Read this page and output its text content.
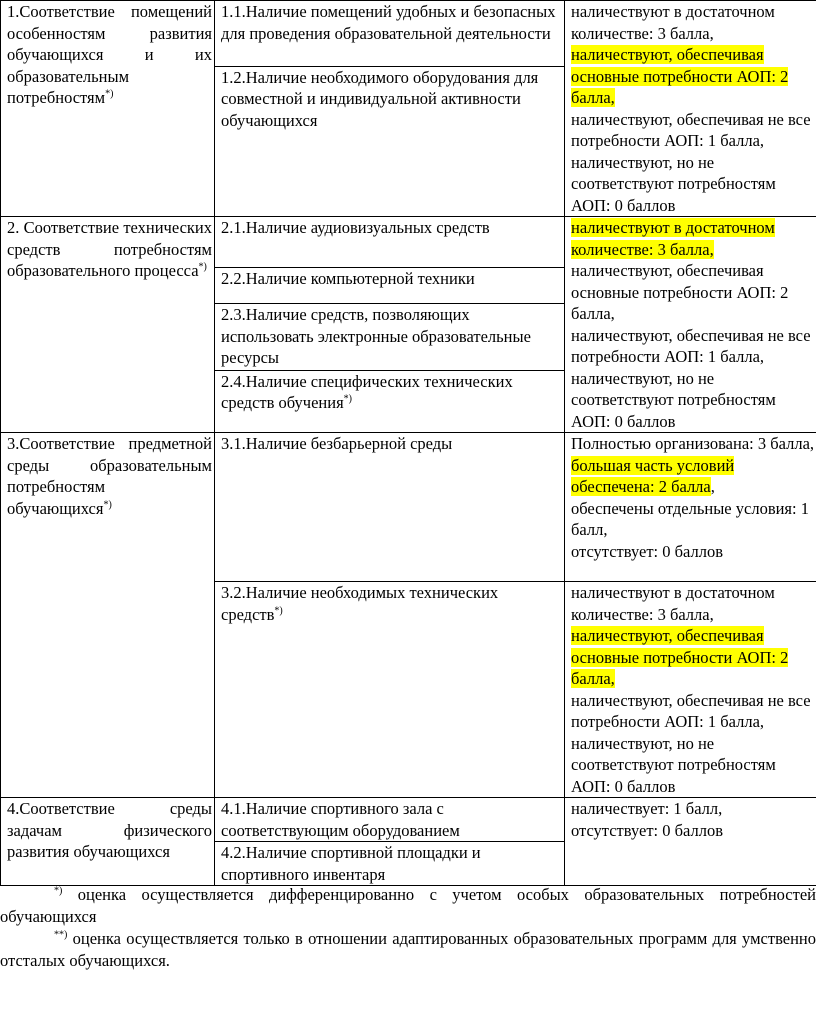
1.Соответствие помещений особенностям развития обучающихся и их образовательным потребностям*)	1.1.Наличие помещений удобных и безопасных для проведения образовательной деятельности	наличествуют в достаточном количестве: 3 балла,
наличествуют, обеспечивая основные потребности АОП: 2 балла,
наличествуют, обеспечивая не все потребности АОП: 1 балла,
наличествуют, но не соответствуют потребностям АОП: 0 баллов

	1.2.Наличие необходимого оборудования для совместной и индивидуальной активности обучающихся	
2. Соответствие технических средств потребностям образовательного процесса*)	2.1.Наличие аудиовизуальных средств	наличествуют в достаточном количестве: 3 балла,
наличествуют, обеспечивая основные потребности АОП: 2 балла,
наличествуют, обеспечивая не все потребности АОП: 1 балла,
наличествуют, но не соответствуют потребностям АОП: 0 баллов

	2.2.Наличие компьютерной техники	
	2.3.Наличие средств, позволяющих использовать электронные образовательные ресурсы	
	2.4.Наличие специфических технических средств обучения*)
3.Соответствие предметной среды образовательным потребностям обучающихся*)	3.1.Наличие безбарьерной среды	Полностью организована: 3 балла,
большая часть условий обеспечена: 2 балла,
обеспечены отдельные условия: 1 балл,
отсутствует: 0 баллов

	3.2.Наличие необходимых технических средств*)	наличествуют в достаточном количестве: 3 балла,
наличествуют, обеспечивая основные потребности АОП: 2 балла,
наличествуют, обеспечивая не все потребности АОП: 1 балла,
наличествуют, но не соответствуют потребностям АОП: 0 баллов

4.Соответствие среды задачам физического развития обучающихся	4.1.Наличие спортивного зала с соответствующим оборудованием	наличествует: 1 балл,
отсутствует: 0 баллов

	4.2.Наличие спортивной площадки и спортивного инвентаря	

*) оценка осуществляется дифференцированно с учетом особых образовательных потребностей обучающихся

**) оценка осуществляется только в отношении адаптированных образовательных программ для умственно отсталых обучающихся.
